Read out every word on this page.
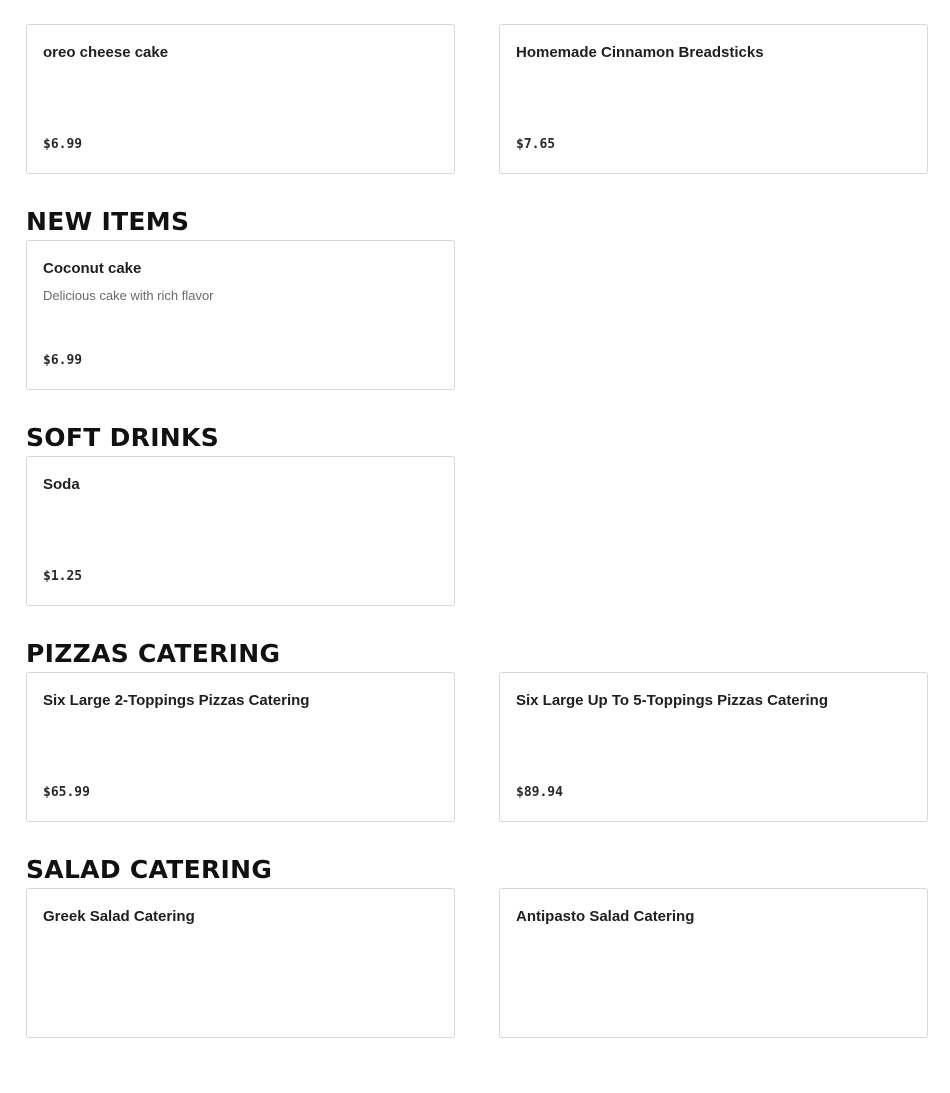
oreo cheese cake
$6.99
Homemade Cinnamon Breadsticks
$7.65
NEW ITEMS
Coconut cake
Delicious cake with rich flavor
$6.99
SOFT DRINKS
Soda
$1.25
PIZZAS CATERING
Six Large 2-Toppings Pizzas Catering
$65.99
Six Large Up To 5-Toppings Pizzas Catering
$89.94
SALAD CATERING
Greek Salad Catering	Antipasto Salad Catering
